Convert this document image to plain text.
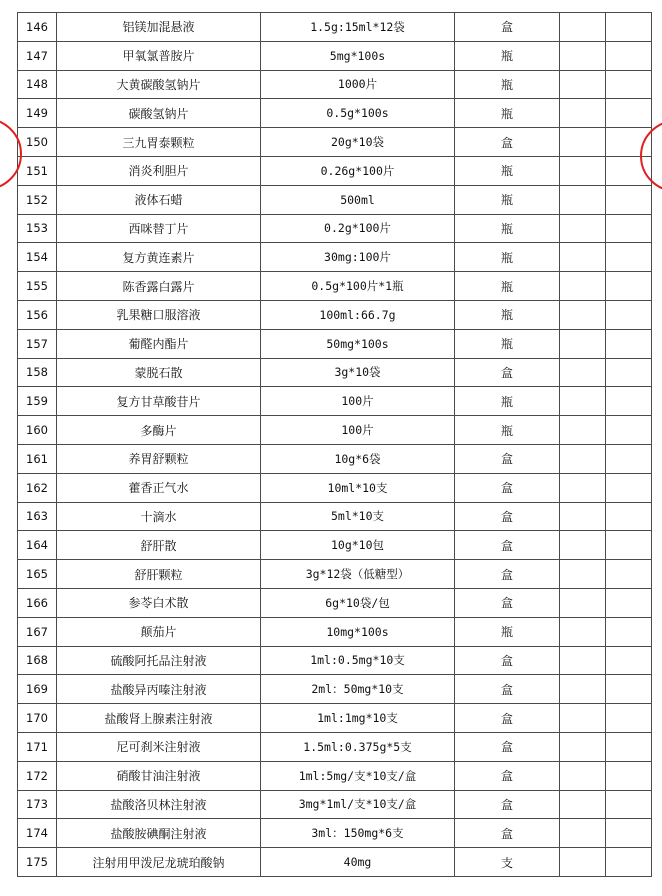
146	铝镁加混悬液	1.5g:15ml*12袋	盒		
147	甲氧氯普胺片	5mg*100s	瓶		
148	大黄碳酸氢钠片	1000片	瓶		
149	碳酸氢钠片	0.5g*100s	瓶		
150	三九胃泰颗粒	20g*10袋	盒		
151	消炎利胆片	0.26g*100片	瓶		
152	液体石蜡	500ml	瓶		
153	西咪替丁片	0.2g*100片	瓶		
154	复方黄连素片	30mg:100片	瓶		
155	陈香露白露片	0.5g*100片*1瓶	瓶		
156	乳果糖口服溶液	100ml:66.7g	瓶		
157	葡醛内酯片	50mg*100s	瓶		
158	蒙脱石散	3g*10袋	盒		
159	复方甘草酸苷片	100片	瓶		
160	多酶片	100片	瓶		
161	养胃舒颗粒	10g*6袋	盒		
162	藿香正气水	10ml*10支	盒		
163	十滴水	5ml*10支	盒		
164	舒肝散	10g*10包	盒		
165	舒肝颗粒	3g*12袋（低糖型）	盒		
166	参苓白术散	6g*10袋/包	盒		
167	颠茄片	10mg*100s	瓶		
168	硫酸阿托品注射液	1ml:0.5mg*10支	盒		
169	盐酸异丙嗪注射液	2ml：50mg*10支	盒		
170	盐酸肾上腺素注射液	1ml:1mg*10支	盒		
171	尼可刹米注射液	1.5ml:0.375g*5支	盒		
172	硝酸甘油注射液	1ml:5mg/支*10支/盒	盒		
173	盐酸洛贝林注射液	3mg*1ml/支*10支/盒	盒		
174	盐酸胺碘酮注射液	3ml：150mg*6支	盒		
175	注射用甲泼尼龙琥珀酸钠	40mg	支		
